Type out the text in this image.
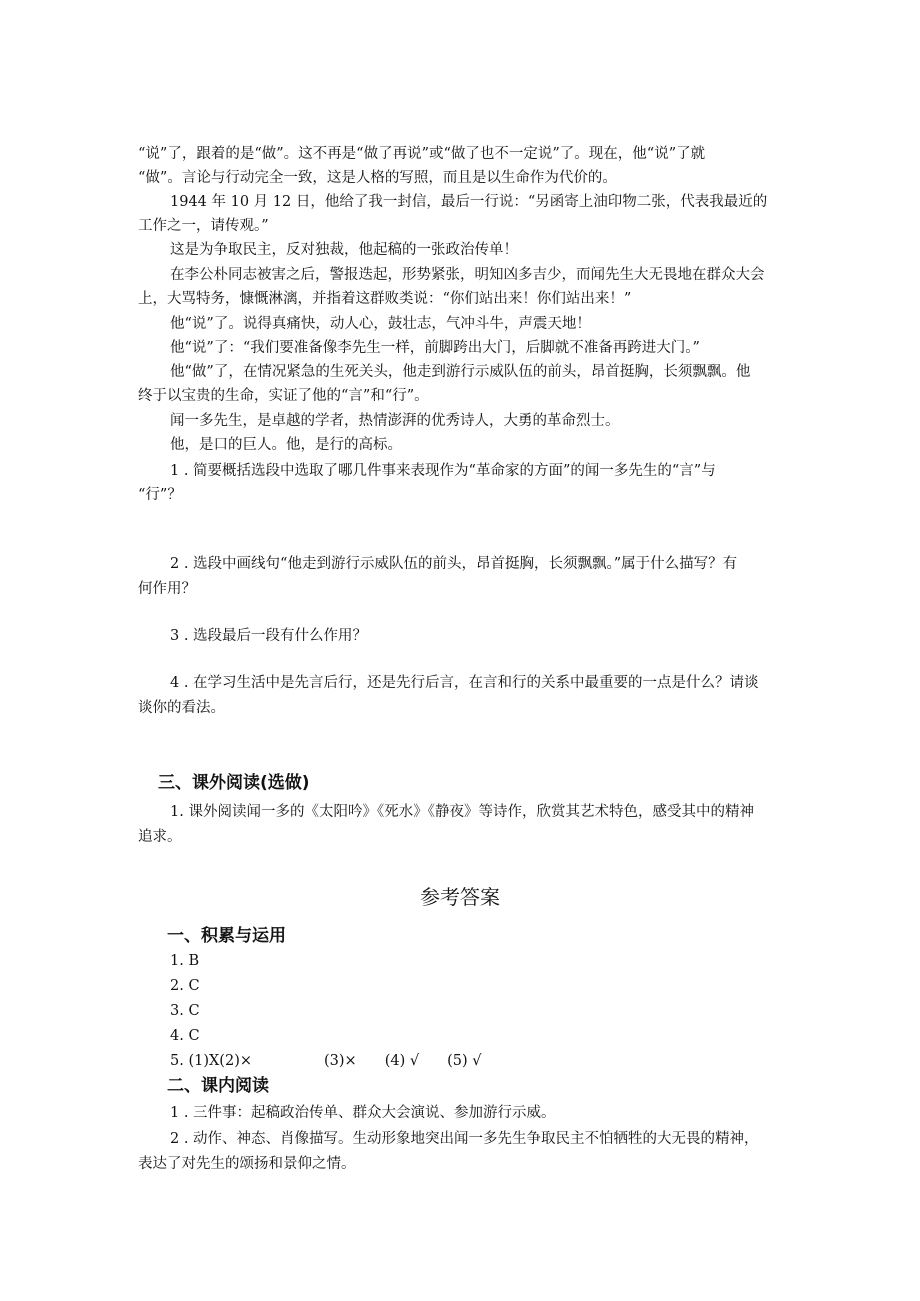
“说”了，跟着的是“做”。这不再是“做了再说”或“做了也不一定说”了。现在，他“说”了就
“做”。言论与行动完全一致，这是人格的写照，而且是以生命作为代价的。
1944 年 10 月 12 日，他给了我一封信，最后一行说：“另函寄上油印物二张，代表我最近的
工作之一，请传观。”
这是为争取民主，反对独裁，他起稿的一张政治传单！
在李公朴同志被害之后，警报迭起，形势紧张，明知凶多吉少，而闻先生大无畏地在群众大会
上，大骂特务，慷慨淋漓，并指着这群败类说：“你们站出来！你们站出来！”
他“说”了。说得真痛快，动人心，鼓壮志，气冲斗牛，声震天地！
他“说”了：“我们要准备像李先生一样，前脚跨出大门，后脚就不准备再跨进大门。”
他“做”了，在情况紧急的生死关头，他走到游行示威队伍的前头，昂首挺胸，长须飘飘。他
终于以宝贵的生命，实证了他的“言”和“行”。
闻一多先生，是卓越的学者，热情澎湃的优秀诗人，大勇的革命烈士。
他，是口的巨人。他，是行的高标。
1 . 简要概括选段中选取了哪几件事来表现作为“革命家的方面”的闻一多先生的“言”与
“行”？
2 . 选段中画线句“他走到游行示威队伍的前头，昂首挺胸，长须飘飘。”属于什么描写？有
何作用？
3 . 选段最后一段有什么作用？
4 . 在学习生活中是先言后行，还是先行后言，在言和行的关系中最重要的一点是什么？请谈
谈你的看法。
三、课外阅读(选做)
1. 课外阅读闻一多的《太阳吟》《死水》《静夜》等诗作，欣赏其艺术特色，感受其中的精神
追求。
参考答案
一、积累与运用
1. B
2. C
3. C
4. C
5. (1)X(2)×	(3)× (4) √ (5) √
二、课内阅读
1 . 三件事：起稿政治传单、群众大会演说、参加游行示威。
2 . 动作、神态、肖像描写。生动形象地突出闻一多先生争取民主不怕牺牲的大无畏的精神，
表达了对先生的颂扬和景仰之情。
